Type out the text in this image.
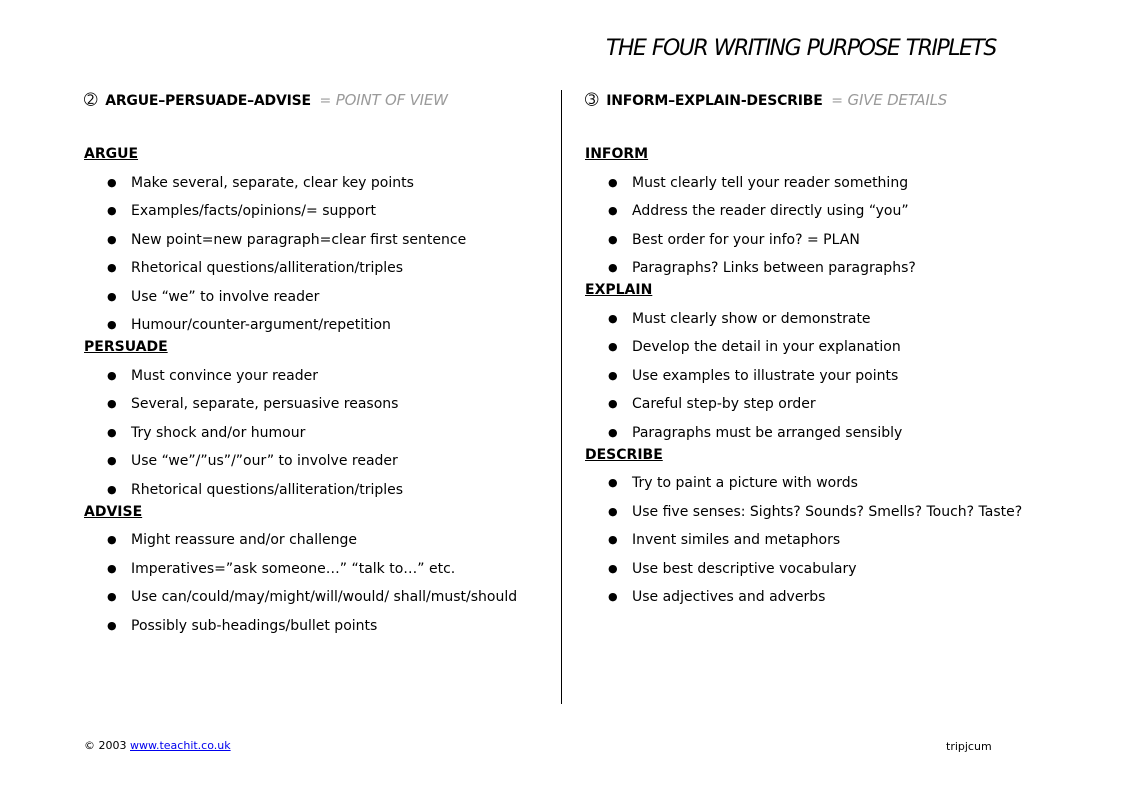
THE FOUR WRITING PURPOSE TRIPLETS
➁ ARGUE–PERSUADE–ADVISE = POINT OF VIEW
ARGUE
● Make several, separate, clear key points
● Examples/facts/opinions/= support
● New point=new paragraph=clear first sentence
● Rhetorical questions/alliteration/triples
● Use “we” to involve reader
● Humour/counter-argument/repetition
PERSUADE
● Must convince your reader
● Several, separate, persuasive reasons
● Try shock and/or humour
● Use “we”/”us”/”our” to involve reader
● Rhetorical questions/alliteration/triples
ADVISE
● Might reassure and/or challenge
● Imperatives=”ask someone…” “talk to…” etc.
● Use can/could/may/might/will/would/ shall/must/should
● Possibly sub-headings/bullet points
➂ INFORM–EXPLAIN-DESCRIBE = GIVE DETAILS
INFORM
● Must clearly tell your reader something
● Address the reader directly using “you”
● Best order for your info? = PLAN
● Paragraphs? Links between paragraphs?
EXPLAIN
● Must clearly show or demonstrate
● Develop the detail in your explanation
● Use examples to illustrate your points
● Careful step-by step order
● Paragraphs must be arranged sensibly
DESCRIBE
● Try to paint a picture with words
● Use five senses: Sights? Sounds? Smells? Touch? Taste?
● Invent similes and metaphors
● Use best descriptive vocabulary
● Use adjectives and adverbs
© 2003 www.teachit.co.uk	tripjcum
